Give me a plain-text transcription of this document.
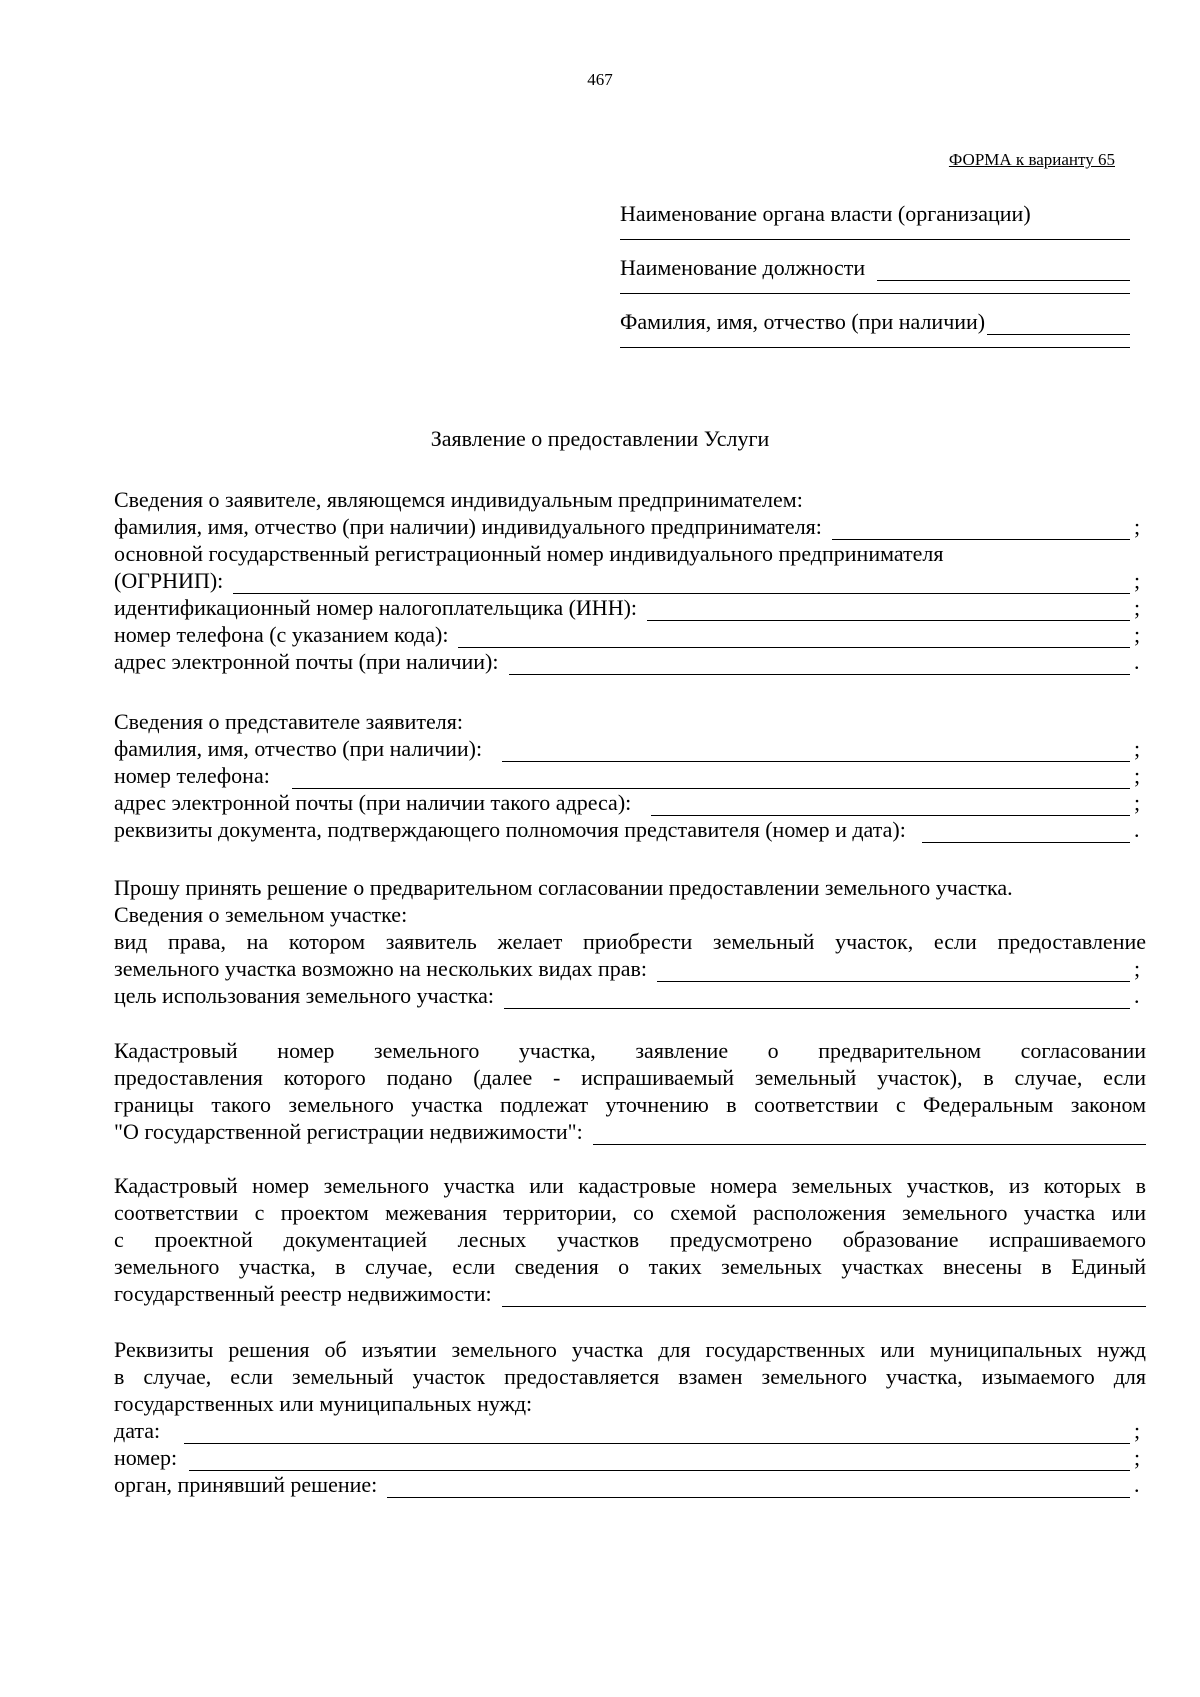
467
ФОРМА к варианту 65
Наименование органа власти (организации)
Наименование должности
Фамилия, имя, отчество (при наличии)
Заявление о предоставлении Услуги
Сведения о заявителе, являющемся индивидуальным предпринимателем:
фамилия, имя, отчество (при наличии) индивидуального предпринимателя:	;
основной государственный регистрационный номер индивидуального предпринимателя
(ОГРНИП):	;
идентификационный номер налогоплательщика (ИНН):	;
номер телефона (с указанием кода):	;
адрес электронной почты (при наличии):	.
Сведения о представителе заявителя:
фамилия, имя, отчество (при наличии):	;
номер телефона:	;
адрес электронной почты (при наличии такого адреса):	;
реквизиты документа, подтверждающего полномочия представителя (номер и дата):	.
Прошу принять решение о предварительном согласовании предоставлении земельного участка.
Сведения о земельном участке:
вид права, на котором заявитель желает приобрести земельный участок, если предоставление
земельного участка возможно на нескольких видах прав:	;
цель использования земельного участка:	.
Кадастровый номер земельного участка, заявление о предварительном согласовании
предоставления которого подано (далее - испрашиваемый земельный участок), в случае, если
границы такого земельного участка подлежат уточнению в соответствии с Федеральным законом
"О государственной регистрации недвижимости":
Кадастровый номер земельного участка или кадастровые номера земельных участков, из которых в
соответствии с проектом межевания территории, со схемой расположения земельного участка или
с проектной документацией лесных участков предусмотрено образование испрашиваемого
земельного участка, в случае, если сведения о таких земельных участках внесены в Единый
государственный реестр недвижимости:
Реквизиты решения об изъятии земельного участка для государственных или муниципальных нужд
в случае, если земельный участок предоставляется взамен земельного участка, изымаемого для
государственных или муниципальных нужд:
дата:	;
номер:	;
орган, принявший решение:	.
